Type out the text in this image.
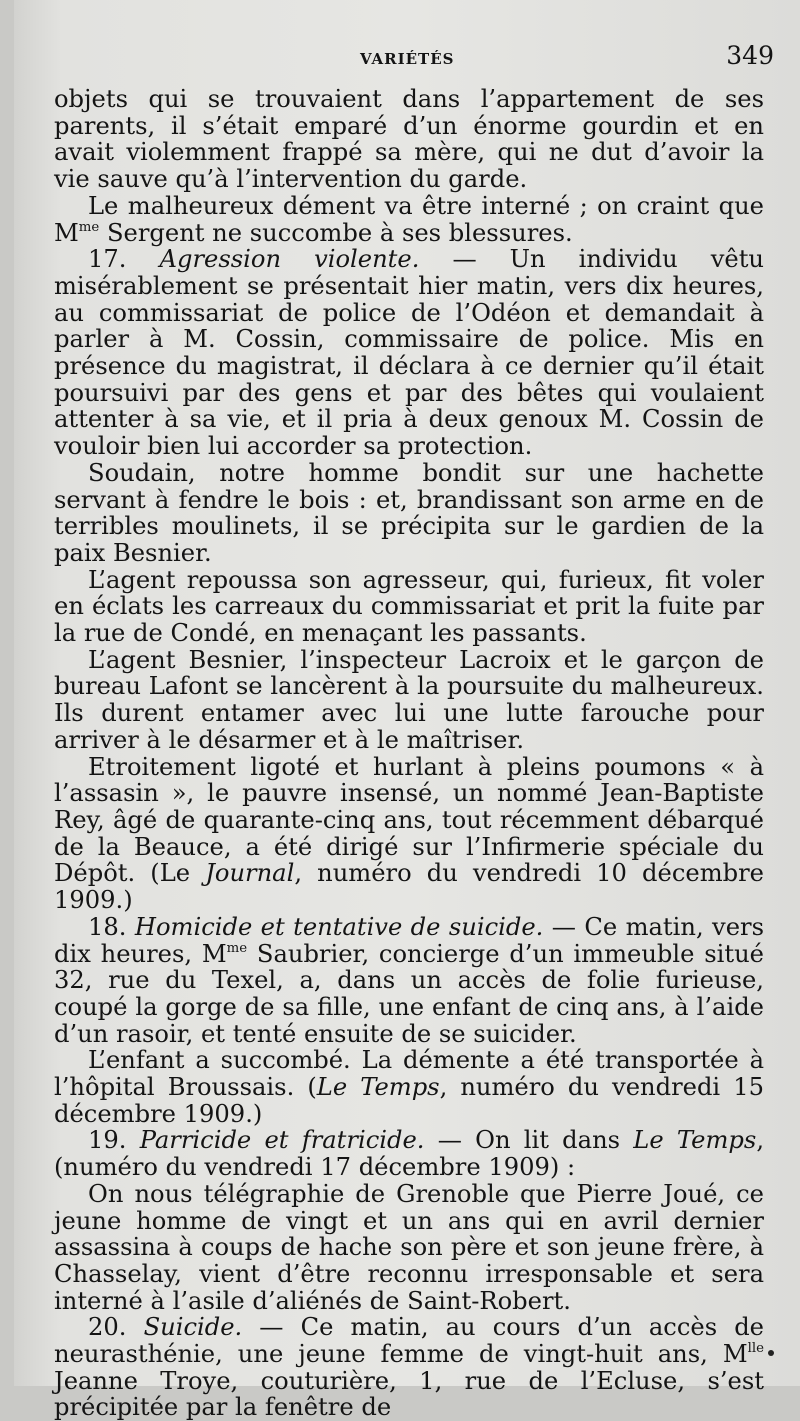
VARIÉTÉS	349

objets qui se trouvaient dans l’appartement de ses parents, il s’était emparé d’un énorme gourdin et en avait violemment frappé sa mère, qui ne dut d’avoir la vie sauve qu’à l’intervention du garde.

Le malheureux dément va être interné ; on craint que $M^{me}$ Sergent ne succombe à ses blessures.

17. Agression violente. — Un individu vêtu misérablement se présentait hier matin, vers dix heures, au commissariat de police de l’Odéon et demandait à parler à M. Cossin, commissaire de police. Mis en présence du magistrat, il déclara à ce dernier qu’il était poursuivi par des gens et par des bêtes qui voulaient attenter à sa vie, et il pria à deux genoux M. Cossin de vouloir bien lui accorder sa protection.

Soudain, notre homme bondit sur une hachette servant à fendre le bois : et, brandissant son arme en de terribles moulinets, il se précipita sur le gardien de la paix Besnier.

L’agent repoussa son agresseur, qui, furieux, fit voler en éclats les carreaux du commissariat et prit la fuite par la rue de Condé, en menaçant les passants.

L’agent Besnier, l’inspecteur Lacroix et le garçon de bureau Lafont se lancèrent à la poursuite du malheureux. Ils durent entamer avec lui une lutte farouche pour arriver à le désarmer et à le maîtriser.

Etroitement ligoté et hurlant à pleins poumons « à l’assasin », le pauvre insensé, un nommé Jean-Baptiste Rey, âgé de quarante-cinq ans, tout récemment débarqué de la Beauce, a été dirigé sur l’Infirmerie spéciale du Dépôt. (Le Journal, numéro du vendredi 10 décembre 1909.)

18. Homicide et tentative de suicide. — Ce matin, vers dix heures, $M^{me}$ Saubrier, concierge d’un immeuble situé 32, rue du Texel, a, dans un accès de folie furieuse, coupé la gorge de sa fille, une enfant de cinq ans, à l’aide d’un rasoir, et tenté ensuite de se suicider.

L’enfant a succombé. La démente a été transportée à l’hôpital Broussais. (Le Temps, numéro du vendredi 15 décembre 1909.)

19. Parricide et fratricide. — On lit dans Le Temps, (numéro du vendredi 17 décembre 1909) :

On nous télégraphie de Grenoble que Pierre Joué, ce jeune homme de vingt et un ans qui en avril dernier assassina à coups de hache son père et son jeune frère, à Chasselay, vient d’être reconnu irresponsable et sera interné à l’asile d’aliénés de Saint-Robert.

20. Suicide. — Ce matin, au cours d’un accès de neurasthénie, une jeune femme de vingt-huit ans, $M^{lle}$ Jeanne Troye, couturière, 1, rue de l’Ecluse, s’est précipitée par la fenêtre de
